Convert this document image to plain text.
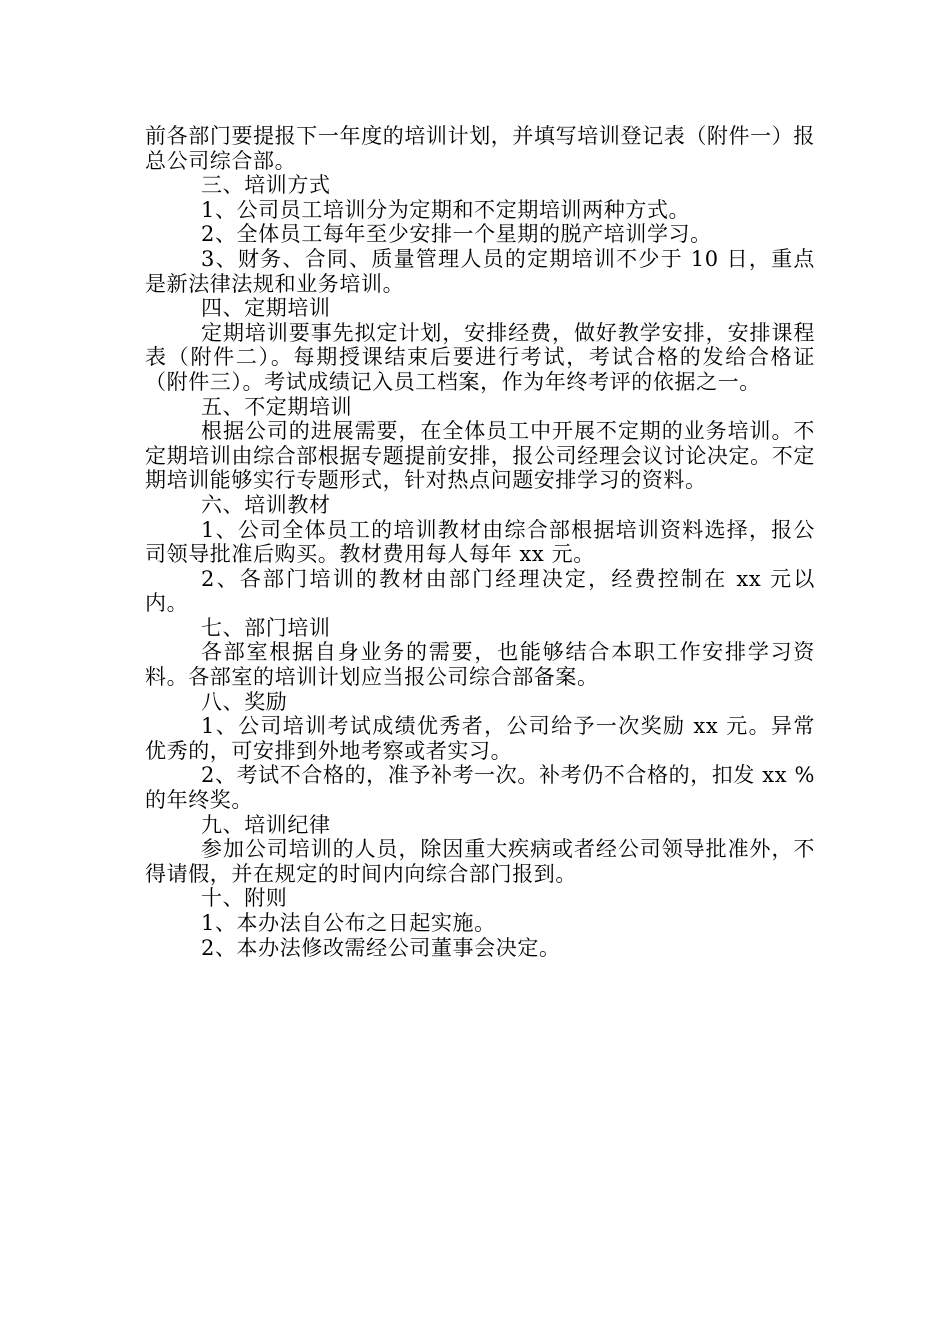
前各部门要提报下一年度的培训计划，并填写培训登记表（附件一）报总公司综合部。

三、培训方式

1、公司员工培训分为定期和不定期培训两种方式。

2、全体员工每年至少安排一个星期的脱产培训学习。

3、财务、合同、质量管理人员的定期培训不少于 10 日，重点是新法律法规和业务培训。

四、定期培训

定期培训要事先拟定计划，安排经费，做好教学安排，安排课程表（附件二）。每期授课结束后要进行考试，考试合格的发给合格证（附件三）。考试成绩记入员工档案，作为年终考评的依据之一。

五、不定期培训

根据公司的进展需要，在全体员工中开展不定期的业务培训。不定期培训由综合部根据专题提前安排，报公司经理会议讨论决定。不定期培训能够实行专题形式，针对热点问题安排学习的资料。

六、培训教材

1、公司全体员工的培训教材由综合部根据培训资料选择，报公司领导批准后购买。教材费用每人每年 xx 元。

2、各部门培训的教材由部门经理决定，经费控制在 xx 元以内。

七、部门培训

各部室根据自身业务的需要，也能够结合本职工作安排学习资料。各部室的培训计划应当报公司综合部备案。

八、奖励

1、公司培训考试成绩优秀者，公司给予一次奖励 xx 元。异常优秀的，可安排到外地考察或者实习。

2、考试不合格的，准予补考一次。补考仍不合格的，扣发 xx %的年终奖。

九、培训纪律

参加公司培训的人员，除因重大疾病或者经公司领导批准外，不得请假，并在规定的时间内向综合部门报到。

十、附则

1、本办法自公布之日起实施。

2、本办法修改需经公司董事会决定。
